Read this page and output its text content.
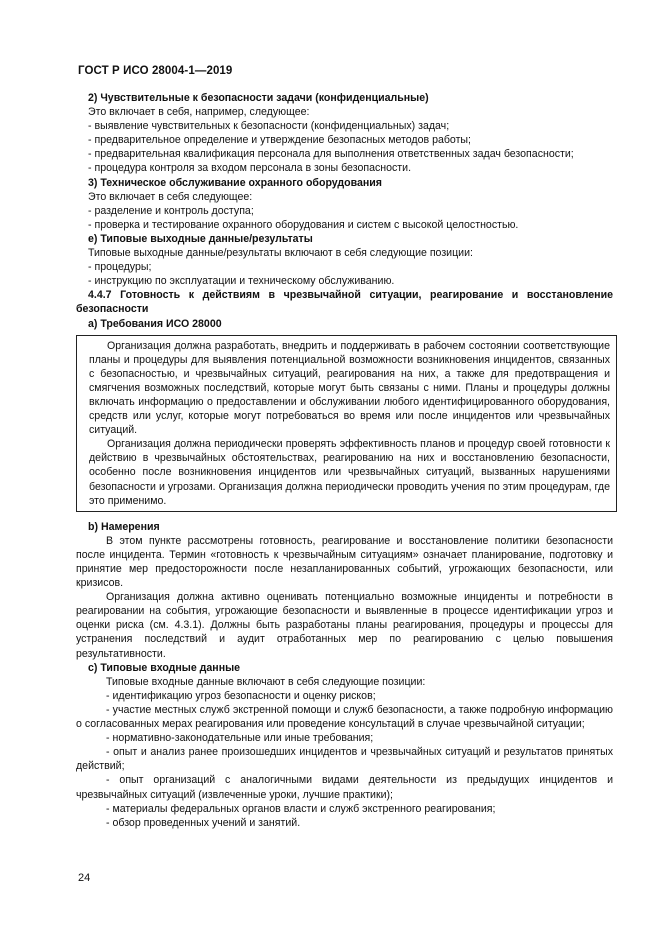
ГОСТ Р ИСО 28004-1—2019

2) Чувствительные к безопасности задачи (конфиденциальные)

Это включает в себя, например, следующее:

- выявление чувствительных к безопасности (конфиденциальных) задач;

- предварительное определение и утверждение безопасных методов работы;

- предварительная квалификация персонала для выполнения ответственных задач безопасности;

- процедура контроля за входом персонала в зоны безопасности.

3) Техническое обслуживание охранного оборудования

Это включает в себя следующее:

- разделение и контроль доступа;

- проверка и тестирование охранного оборудования и систем с высокой целостностью.

e) Типовые выходные данные/результаты

Типовые выходные данные/результаты включают в себя следующие позиции:

- процедуры;

- инструкцию по эксплуатации и техническому обслуживанию.

4.4.7 Готовность к действиям в чрезвычайной ситуации, реагирование и восстановление безопасности

a) Требования ИСО 28000

Организация должна разработать, внедрить и поддерживать в рабочем состоянии соответствующие планы и процедуры для выявления потенциальной возможности возникновения инцидентов, связанных с безопасностью, и чрезвычайных ситуаций, реагирования на них, а также для предотвращения и смягчения возможных последствий, которые могут быть связаны с ними. Планы и процедуры должны включать информацию о предоставлении и обслуживании любого идентифицированного оборудования, средств или услуг, которые могут потребоваться во время или после инцидентов или чрезвычайных ситуаций.

Организация должна периодически проверять эффективность планов и процедур своей готовности к действию в чрезвычайных обстоятельствах, реагированию на них и восстановлению безопасности, особенно после возникновения инцидентов или чрезвычайных ситуаций, вызванных нарушениями безопасности и угрозами. Организация должна периодически проводить учения по этим процедурам, где это применимо.

b) Намерения

В этом пункте рассмотрены готовность, реагирование и восстановление политики безопасности после инцидента. Термин «готовность к чрезвычайным ситуациям» означает планирование, подготовку и принятие мер предосторожности после незапланированных событий, угрожающих безопасности, или кризисов.

Организация должна активно оценивать потенциально возможные инциденты и потребности в реагировании на события, угрожающие безопасности и выявленные в процессе идентификации угроз и оценки риска (см. 4.3.1). Должны быть разработаны планы реагирования, процедуры и процессы для устранения последствий и аудит отработанных мер по реагированию с целью повышения результативности.

c) Типовые входные данные

Типовые входные данные включают в себя следующие позиции:

- идентификацию угроз безопасности и оценку рисков;

- участие местных служб экстренной помощи и служб безопасности, а также подробную информацию о согласованных мерах реагирования или проведение консультаций в случае чрезвычайной ситуации;

- нормативно-законодательные или иные требования;

- опыт и анализ ранее произошедших инцидентов и чрезвычайных ситуаций и результатов принятых действий;

- опыт организаций с аналогичными видами деятельности из предыдущих инцидентов и чрезвычайных ситуаций (извлеченные уроки, лучшие практики);

- материалы федеральных органов власти и служб экстренного реагирования;

- обзор проведенных учений и занятий.

24
